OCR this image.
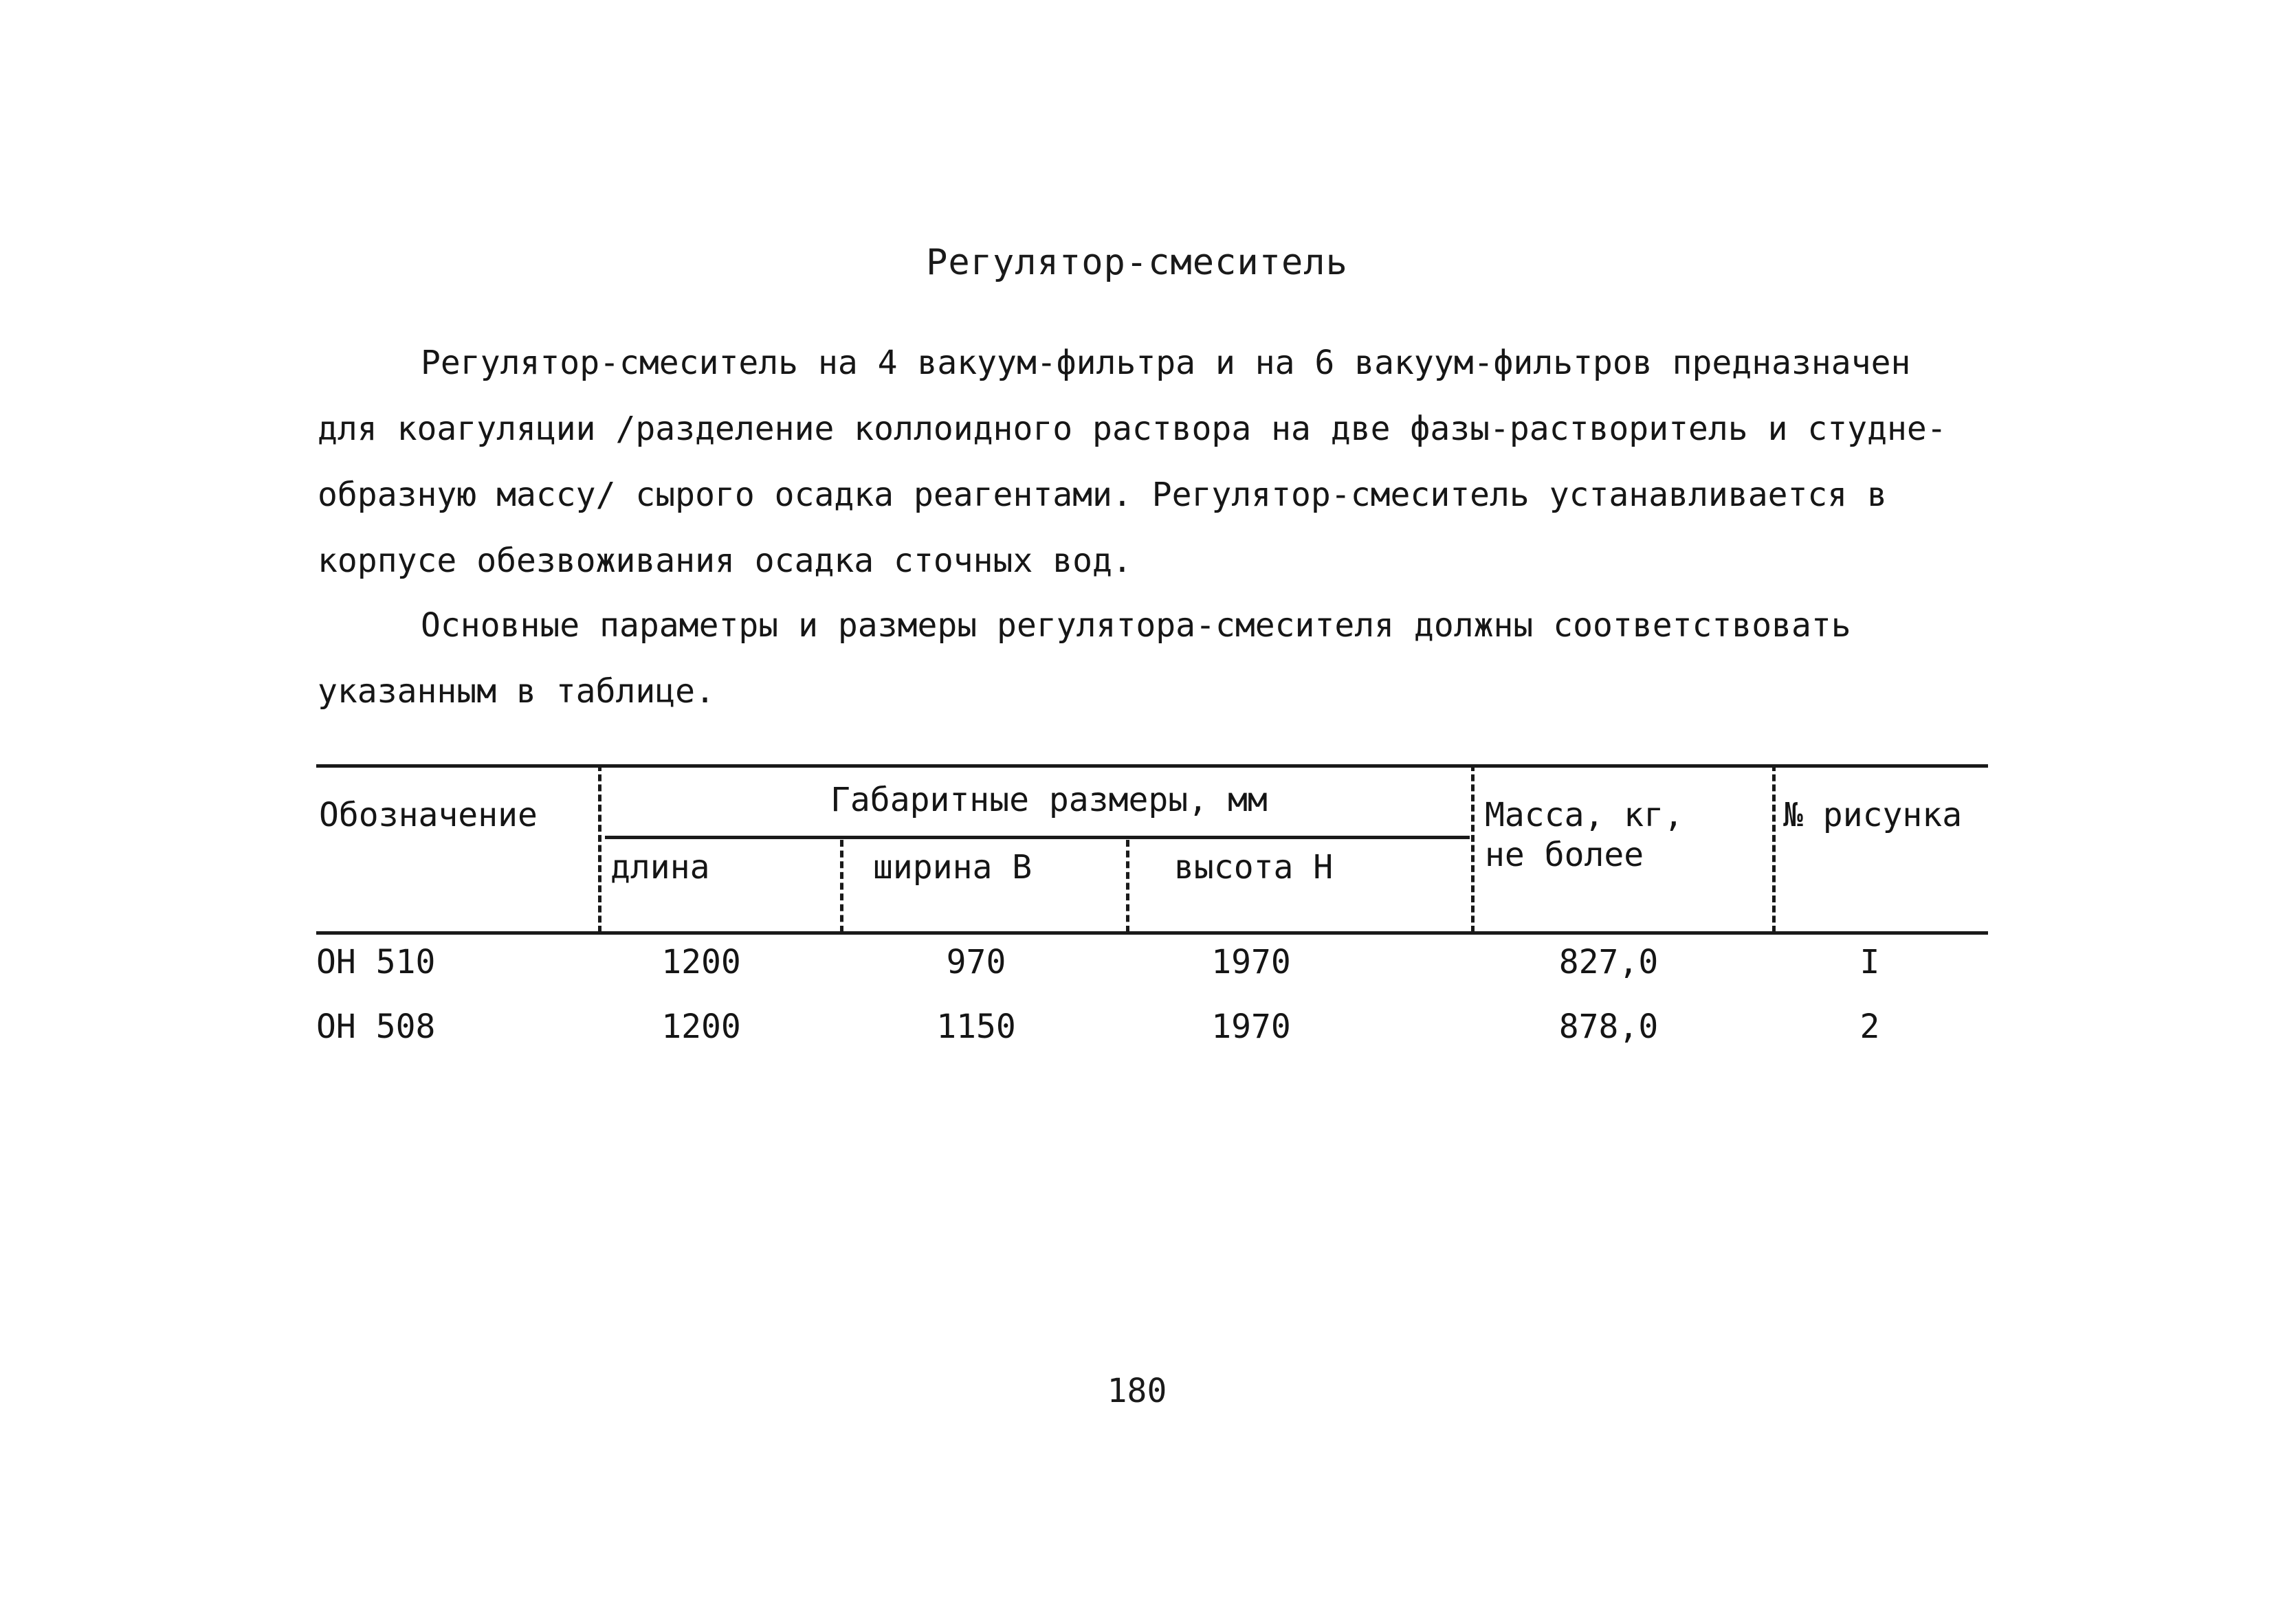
Регулятор-смеситель
Регулятор-смеситель на 4 вакуум-фильтра и на 6 вакуум-фильтров предназначен
для коагуляции /разделение коллоидного раствора на две фазы-растворитель и студне-
образную массу/ сырого осадка реагентами. Регулятор-смеситель устанавливается в
корпусе обезвоживания осадка сточных вод.
Основные параметры и размеры регулятора-смесителя должны соответствовать
указанным в таблице.
Обозначение	Габаритные размеры, мм
длина	ширина В	высота Н
Масса, кг,
не более
№ рисунка
ОН 510	1200	970	1970	827,0	I
ОН 508	1200	1150	1970	878,0	2
180
